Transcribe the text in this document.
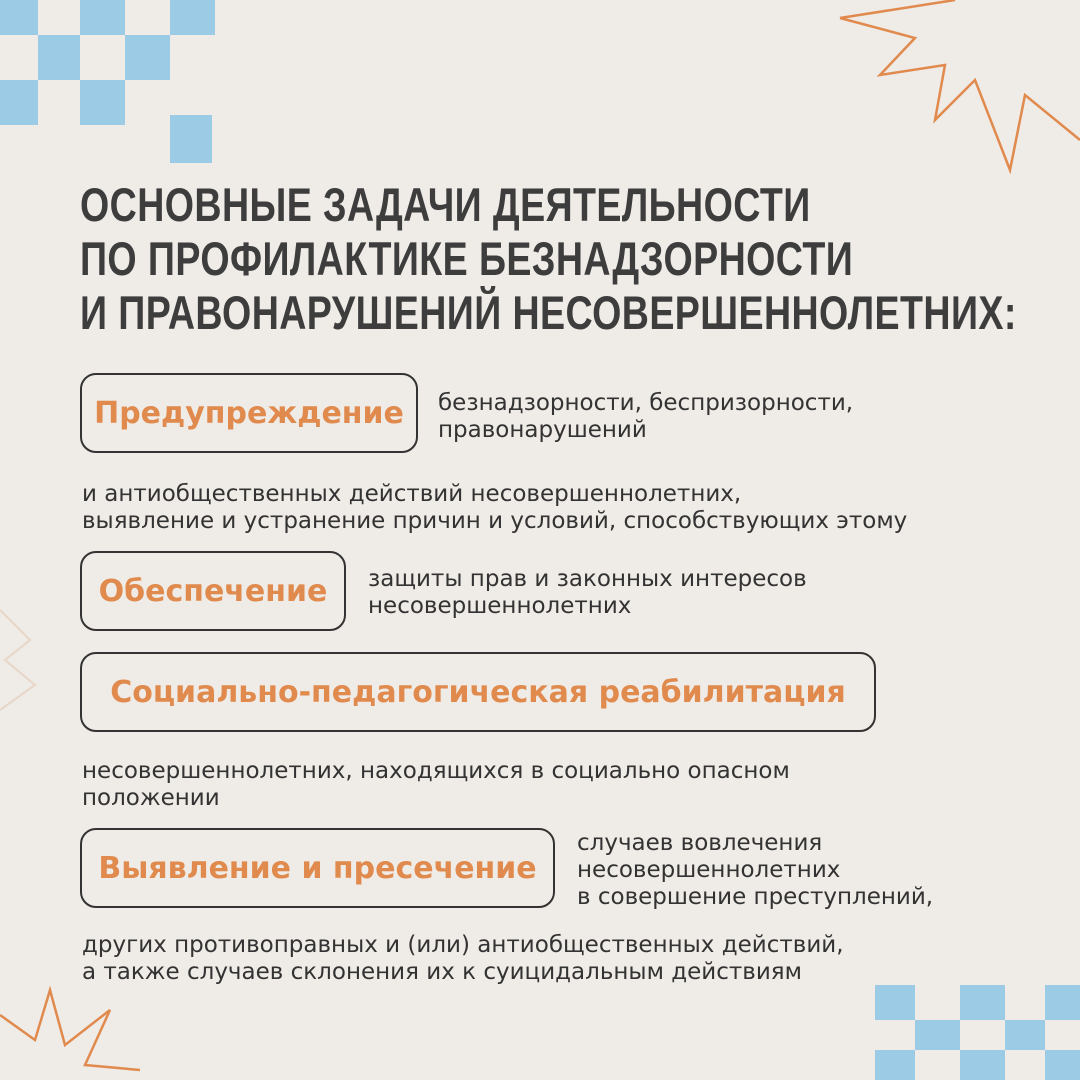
ОСНОВНЫЕ ЗАДАЧИ ДЕЯТЕЛЬНОСТИ
ПО ПРОФИЛАКТИКЕ БЕЗНАДЗОРНОСТИ
И ПРАВОНАРУШЕНИЙ НЕСОВЕРШЕННОЛЕТНИХ:
Предупреждение	безнадзорности, беспризорности,
правонарушений
и антиобщественных действий несовершеннолетних,
выявление и устранение причин и условий, способствующих этому
Обеспечение	защиты прав и законных интересов
несовершеннолетних
Социально-педагогическая реабилитация
несовершеннолетних, находящихся в социально опасном
положении
Выявление и пресечение
случаев вовлечения
несовершеннолетних
в совершение преступлений,
других противоправных и (или) антиобщественных действий,
а также случаев склонения их к суицидальным действиям
